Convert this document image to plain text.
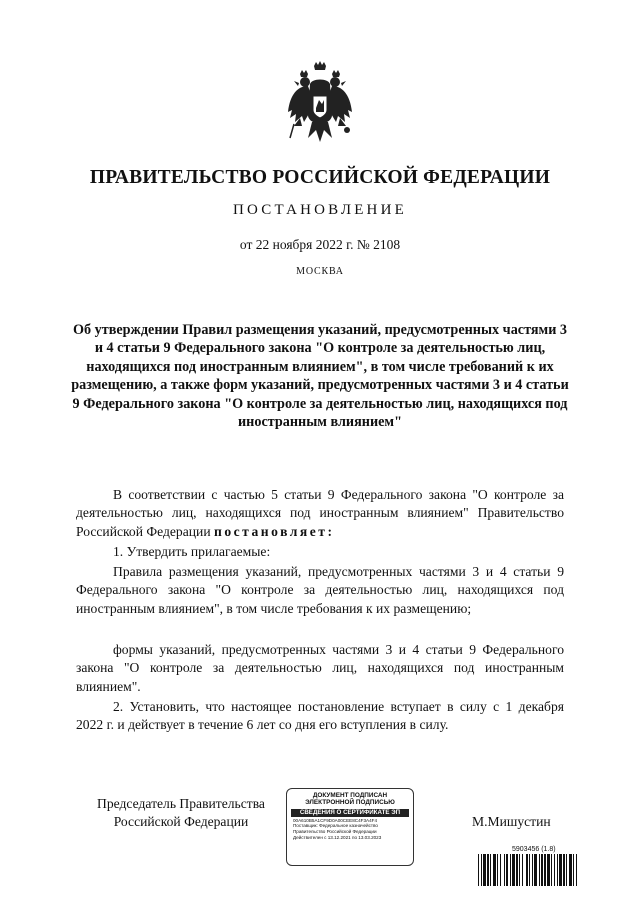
ПРАВИТЕЛЬСТВО РОССИЙСКОЙ ФЕДЕРАЦИИ
ПОСТАНОВЛЕНИЕ
от 22 ноября 2022 г. № 2108
МОСКВА
Об утверждении Правил размещения указаний, предусмотренных частями 3 и 4 статьи 9 Федерального закона "О контроле за деятельностью лиц, находящихся под иностранным влиянием", в том числе требований к их размещению, а также форм указаний, предусмотренных частями 3 и 4 статьи 9 Федерального закона "О контроле за деятельностью лиц, находящихся под иностранным влиянием"
В соответствии с частью 5 статьи 9 Федерального закона "О контроле за деятельностью лиц, находящихся под иностранным влиянием" Правительство Российской Федерации постановляет:
1. Утвердить прилагаемые:
Правила размещения указаний, предусмотренных частями 3 и 4 статьи 9 Федерального закона "О контроле за деятельностью лиц, находящихся под иностранным влиянием", в том числе требования к их размещению;
формы указаний, предусмотренных частями 3 и 4 статьи 9 Федерального закона "О контроле за деятельностью лиц, находящихся под иностранным влиянием".
2. Установить, что настоящее постановление вступает в силу с 1 декабря 2022 г. и действует в течение 6 лет со дня его вступления в силу.
Председатель Правительства
Российской Федерации
ДОКУМЕНТ ПОДПИСАН
ЭЛЕКТРОННОЙ ПОДПИСЬЮ
СВЕДЕНИЯ О СЕРТИФИКАТЕ ЭП
00A610B5A1CF9D0A00CEE8C4F3A4F4
Поставщик: Федеральное казначейство
Правительство Российской Федерации
Действителен с 13.12.2021 по 13.03.2023
М.Мишустин
5903456 (1.8)
